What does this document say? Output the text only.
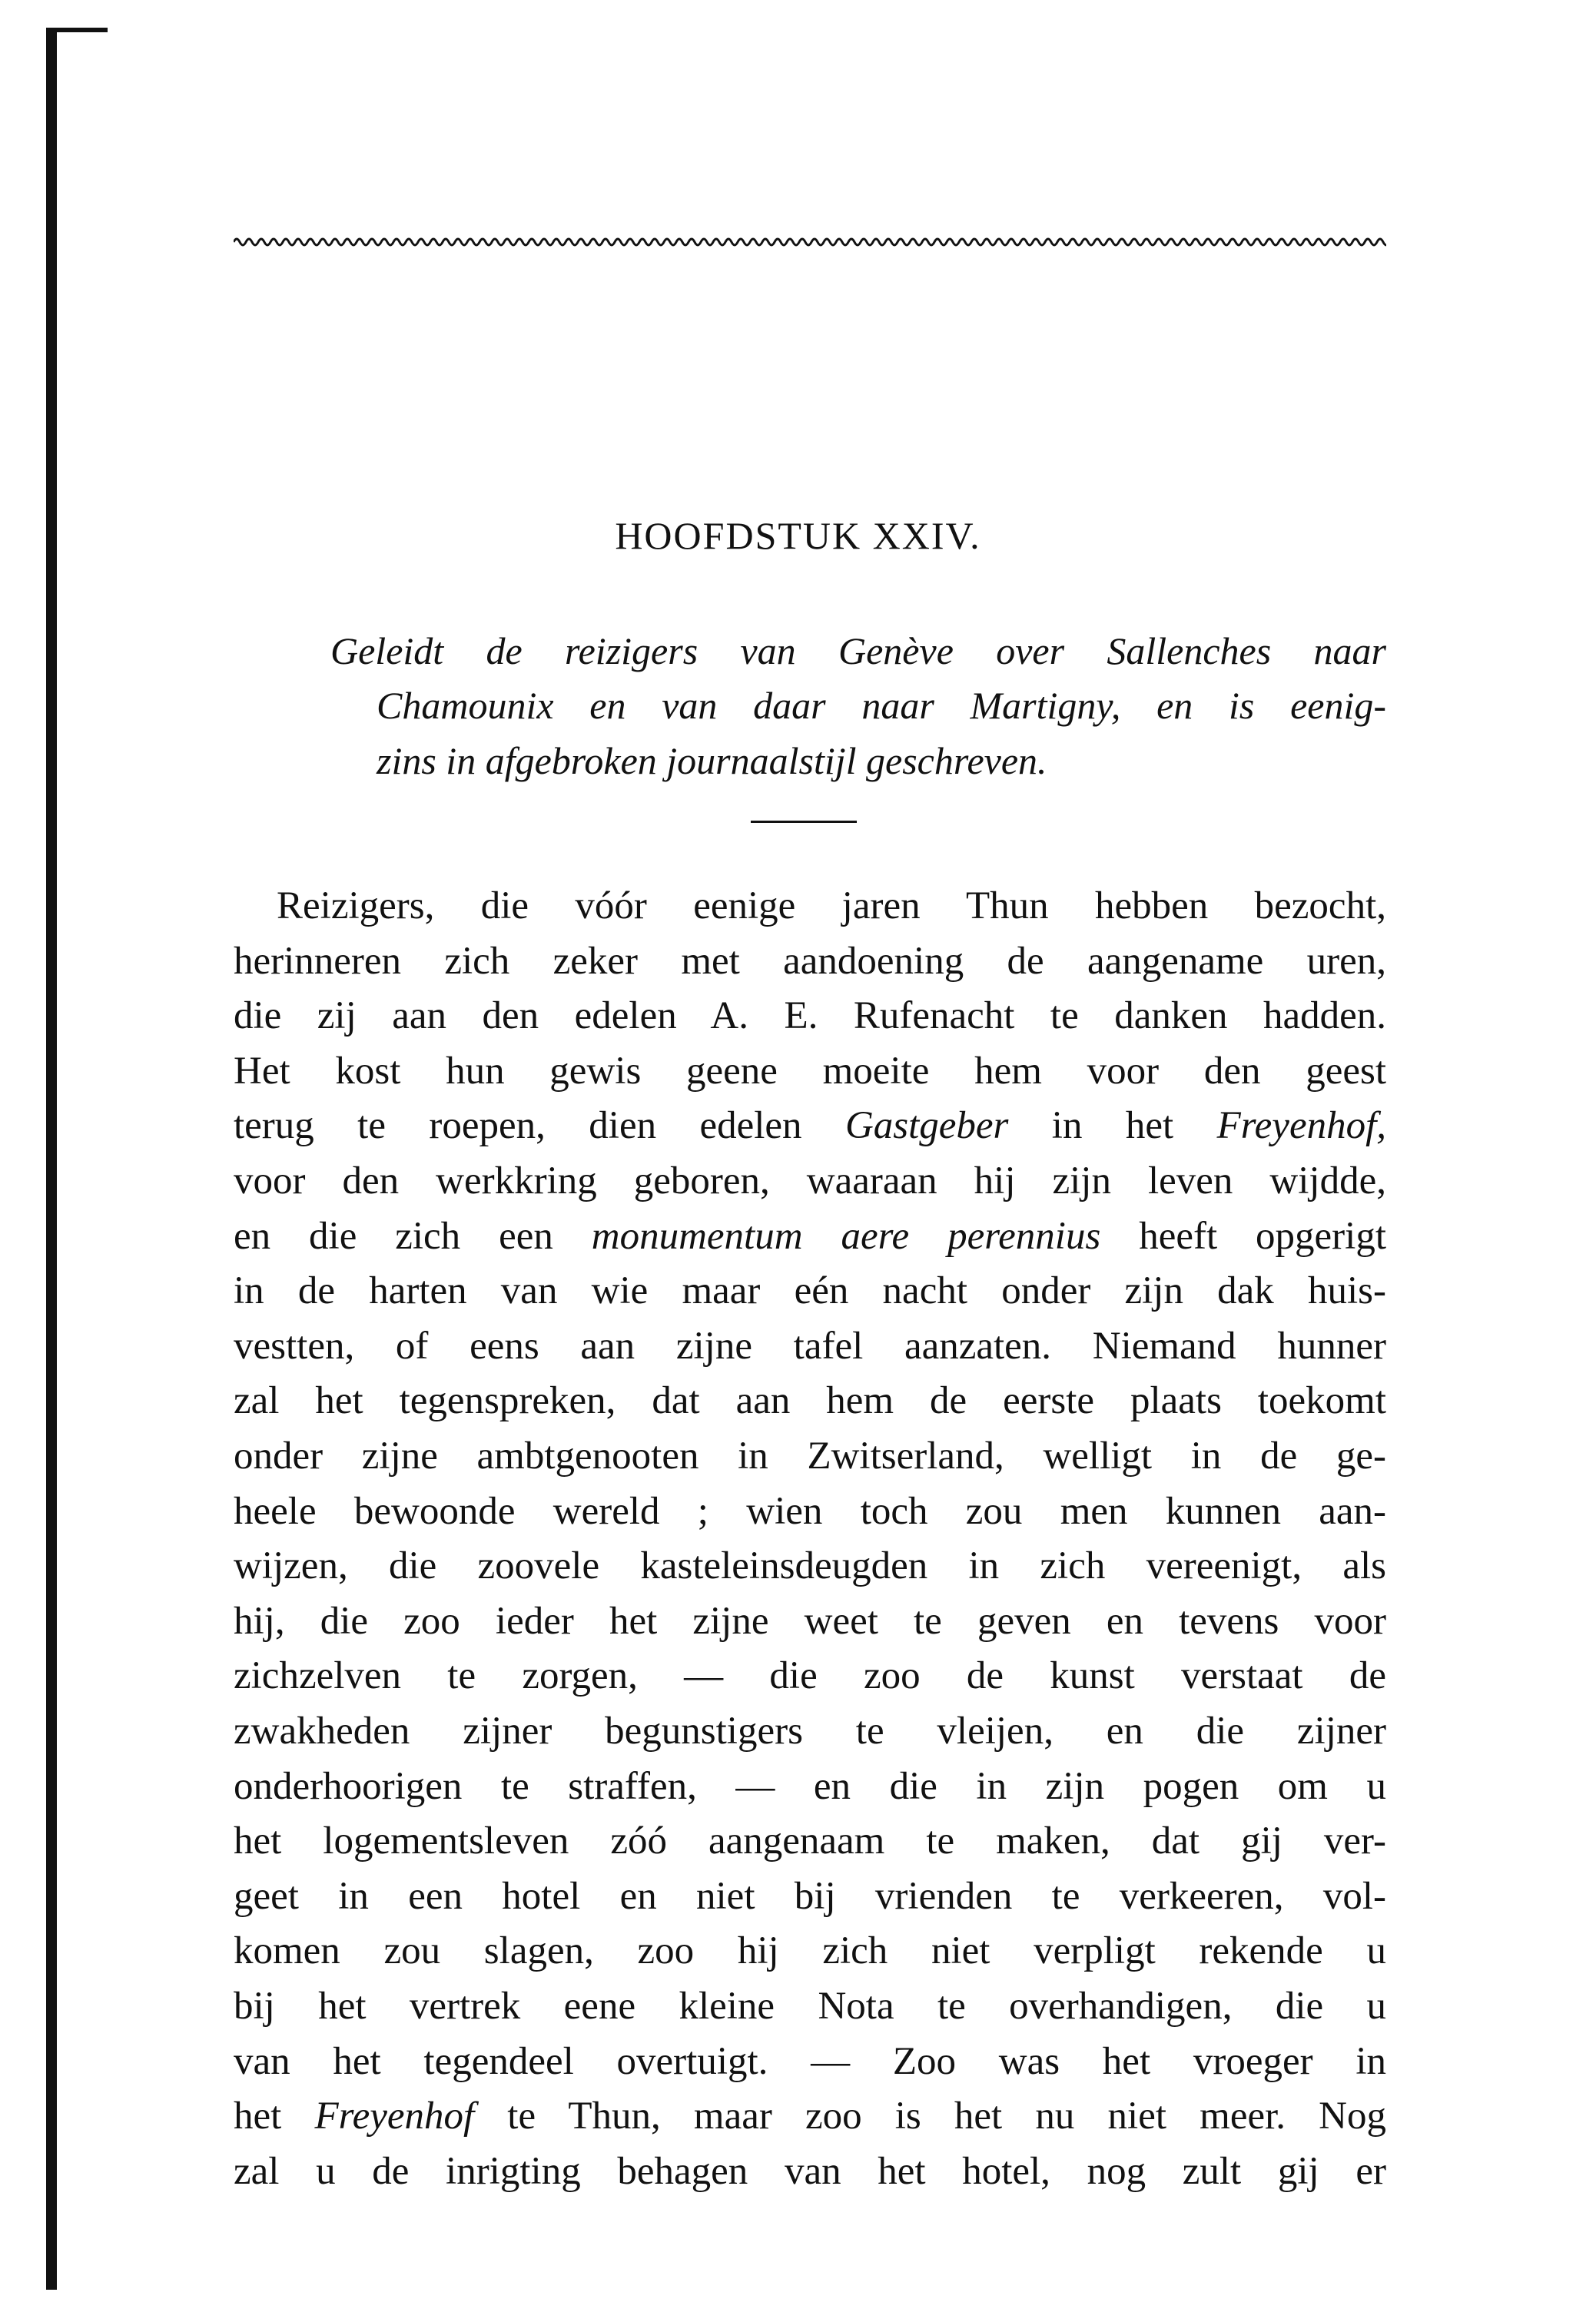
HOOFDSTUK XXIV.
Geleidt de reizigers van Genève over Sallenches naar
Chamounix en van daar naar Martigny, en is eenig-
zins in afgebroken journaalstijl geschreven.
Reizigers, die vóór eenige jaren Thun hebben bezocht,
herinneren zich zeker met aandoening de aangename uren,
die zij aan den edelen A. E. Rufenacht te danken hadden.
Het kost hun gewis geene moeite hem voor den geest
terug te roepen, dien edelen Gastgeber in het Freyenhof,
voor den werkkring geboren, waaraan hij zijn leven wijdde,
en die zich een monumentum aere perennius heeft opgerigt
in de harten van wie maar eén nacht onder zijn dak huis-
vestten, of eens aan zijne tafel aanzaten. Niemand hunner
zal het tegenspreken, dat aan hem de eerste plaats toekomt
onder zijne ambtgenooten in Zwitserland, welligt in de ge-
heele bewoonde wereld ; wien toch zou men kunnen aan-
wijzen, die zoovele kasteleinsdeugden in zich vereenigt, als
hij, die zoo ieder het zijne weet te geven en tevens voor
zichzelven te zorgen, — die zoo de kunst verstaat de
zwakheden zijner begunstigers te vleijen, en die zijner
onderhoorigen te straffen, — en die in zijn pogen om u
het logementsleven zóó aangenaam te maken, dat gij ver-
geet in een hotel en niet bij vrienden te verkeeren, vol-
komen zou slagen, zoo hij zich niet verpligt rekende u
bij het vertrek eene kleine Nota te overhandigen, die u
van het tegendeel overtuigt. — Zoo was het vroeger in
het Freyenhof te Thun, maar zoo is het nu niet meer. Nog
zal u de inrigting behagen van het hotel, nog zult gij er
